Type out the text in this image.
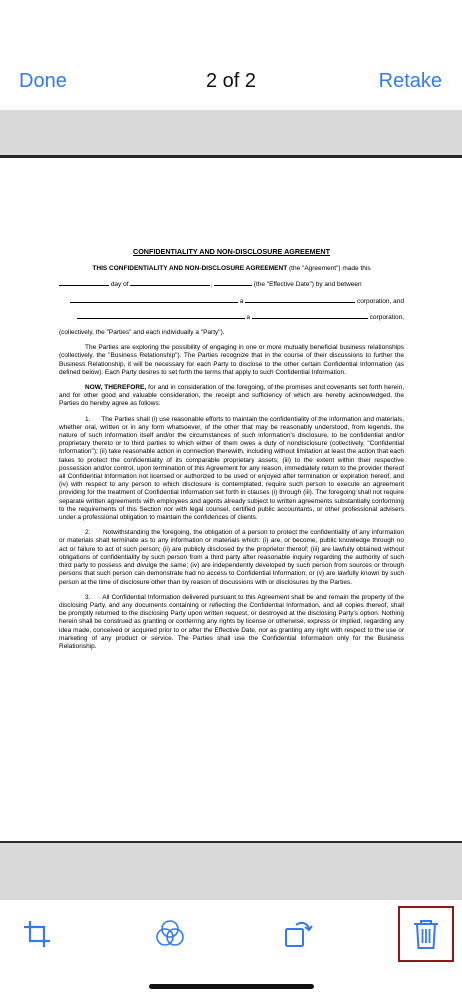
Done	2 of 2	Retake
CONFIDENTIALITY AND NON-DISCLOSURE AGREEMENT
THIS CONFIDENTIALITY AND NON-DISCLOSURE AGREEMENT (the "Agreement") made this
day of	,	(the "Effective Date") by and between
a	corporation, and
a	corporation,
(collectively, the "Parties" and each individually a "Party").
The Parties are exploring the possibility of engaging in one or more mutually beneficial business relationships (collectively, the "Business Relationship"). The Parties recognize that in the course of their discussions to further the Business Relationship, it will be necessary for each Party to disclose to the other certain Confidential Information (as defined below). Each Party desires to set forth the terms that apply to such Confidential Information.
NOW, THEREFORE, for and in consideration of the foregoing, of the promises and covenants set forth herein, and for other good and valuable consideration, the receipt and sufficiency of which are hereby acknowledged, the Parties do hereby agree as follows:
1. The Parties shall (i) use reasonable efforts to maintain the confidentiality of the information and materials, whether oral, written or in any form whatsoever, of the other that may be reasonably understood, from legends, the nature of such information itself and/or the circumstances of such information's disclosure, to be confidential and/or proprietary thereto or to third parties to which either of them owes a duty of nondisclosure (collectively, "Confidential Information"); (ii) take reasonable action in connection therewith, including without limitation at least the action that each takes to protect the confidentiality of its comparable proprietary assets; (iii) to the extent within their respective possession and/or control, upon termination of this Agreement for any reason, immediately return to the provider thereof all Confidential Information not licensed or authorized to be used or enjoyed after termination or expiration hereof, and (iv) with respect to any person to which disclosure is contemplated, require such person to execute an agreement providing for the treatment of Confidential Information set forth in clauses (i) through (iii). The foregoing shall not require separate written agreements with employees and agents already subject to written agreements substantially conforming to the requirements of this Section nor with legal counsel, certified public accountants, or other professional advisers under a professional obligation to maintain the confidences of clients.
2. Notwithstanding the foregoing, the obligation of a person to protect the confidentiality of any information or materials shall terminate as to any information or materials which: (i) are, or become, public knowledge through no act or failure to act of such person; (ii) are publicly disclosed by the proprietor thereof; (iii) are lawfully obtained without obligations of confidentiality by such person from a third party after reasonable inquiry regarding the authority of such third party to possess and divulge the same; (iv) are independently developed by such person from sources or through persons that such person can demonstrate had no access to Confidential Information; or (v) are lawfully known by such person at the time of disclosure other than by reason of discussions with or disclosures by the Parties.
3. All Confidential Information delivered pursuant to this Agreement shall be and remain the property of the disclosing Party, and any documents containing or reflecting the Confidential Information, and all copies thereof, shall be promptly returned to the disclosing Party upon written request, or destroyed at the disclosing Party's option. Nothing herein shall be construed as granting or conferring any rights by license or otherwise, express or implied, regarding any idea made, conceived or acquired prior to or after the Effective Date, nor as granting any right with respect to the use or marketing of any product or service. The Parties shall use the Confidential Information only for the Business Relationship.
